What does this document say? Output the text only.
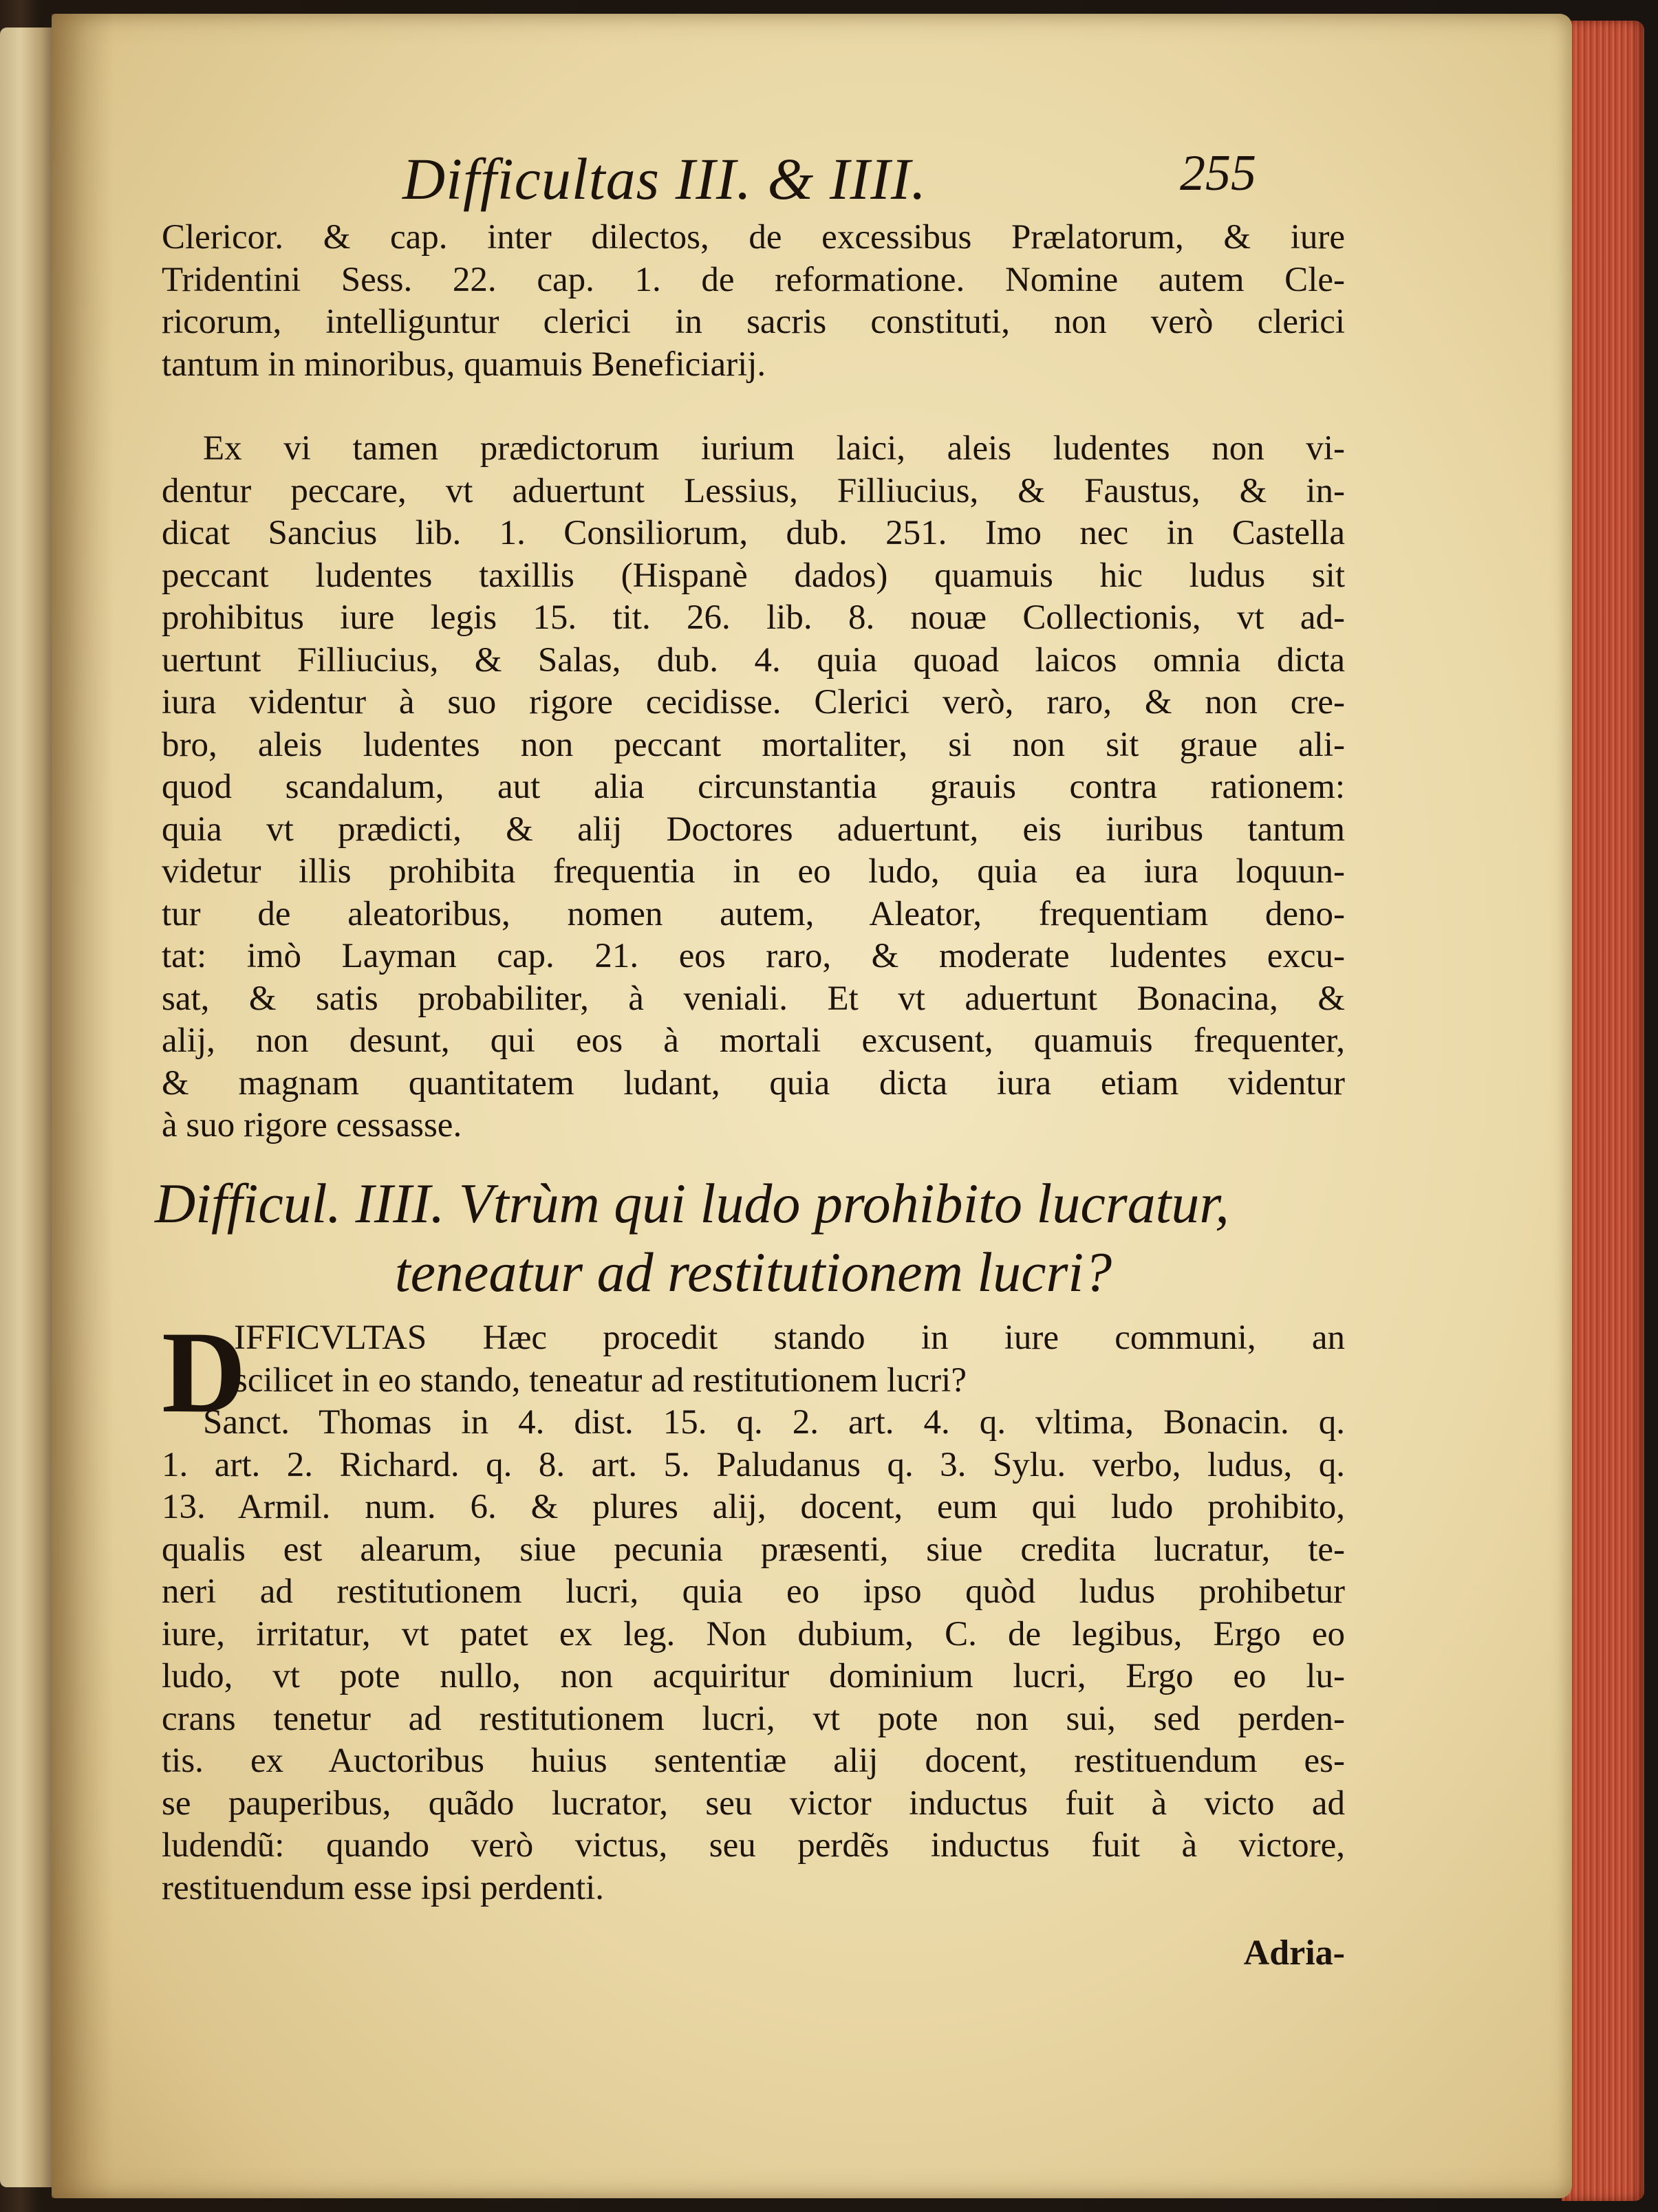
Difficultas III. & IIII.	255
Clericor. & cap. inter dilectos, de excessibus Prælatorum, & iure
Tridentini Sess. 22. cap. 1. de reformatione. Nomine autem Cle-
ricorum, intelliguntur clerici in sacris constituti, non verò clerici
tantum in minoribus, quamuis Beneficiarij.
Ex vi tamen prædictorum iurium laici, aleis ludentes non vi-
dentur peccare, vt aduertunt Lessius, Filliucius, & Faustus, & in-
dicat Sancius lib. 1. Consiliorum, dub. 251. Imo nec in Castella
peccant ludentes taxillis (Hispanè dados) quamuis hic ludus sit
prohibitus iure legis 15. tit. 26. lib. 8. nouæ Collectionis, vt ad-
uertunt Filliucius, & Salas, dub. 4. quia quoad laicos omnia dicta
iura videntur à suo rigore cecidisse. Clerici verò, raro, & non cre-
bro, aleis ludentes non peccant mortaliter, si non sit graue ali-
quod scandalum, aut alia circunstantia grauis contra rationem:
quia vt prædicti, & alij Doctores aduertunt, eis iuribus tantum
videtur illis prohibita frequentia in eo ludo, quia ea iura loquun-
tur de aleatoribus, nomen autem, Aleator, frequentiam deno-
tat: imò Layman cap. 21. eos raro, & moderate ludentes excu-
sat, & satis probabiliter, à veniali. Et vt aduertunt Bonacina, &
alij, non desunt, qui eos à mortali excusent, quamuis frequenter,
& magnam quantitatem ludant, quia dicta iura etiam videntur
à suo rigore cessasse.
Difficul. IIII. Vtrùm qui ludo prohibito lucratur,
teneatur ad restitutionem lucri?
D
IFFICVLTAS Hæc procedit stando in iure communi, an
scilicet in eo stando, teneatur ad restitutionem lucri?
Sanct. Thomas in 4. dist. 15. q. 2. art. 4. q. vltima, Bonacin. q.
1. art. 2. Richard. q. 8. art. 5. Paludanus q. 3. Sylu. verbo, ludus, q.
13. Armil. num. 6. & plures alij, docent, eum qui ludo prohibito,
qualis est alearum, siue pecunia præsenti, siue credita lucratur, te-
neri ad restitutionem lucri, quia eo ipso quòd ludus prohibetur
iure, irritatur, vt patet ex leg. Non dubium, C. de legibus, Ergo eo
ludo, vt pote nullo, non acquiritur dominium lucri, Ergo eo lu-
crans tenetur ad restitutionem lucri, vt pote non sui, sed perden-
tis. ex Auctoribus huius sententiæ alij docent, restituendum es-
se pauperibus, quãdo lucrator, seu victor inductus fuit à victo ad
ludendũ: quando verò victus, seu perdẽs inductus fuit à victore,
restituendum esse ipsi perdenti.
Adria-
